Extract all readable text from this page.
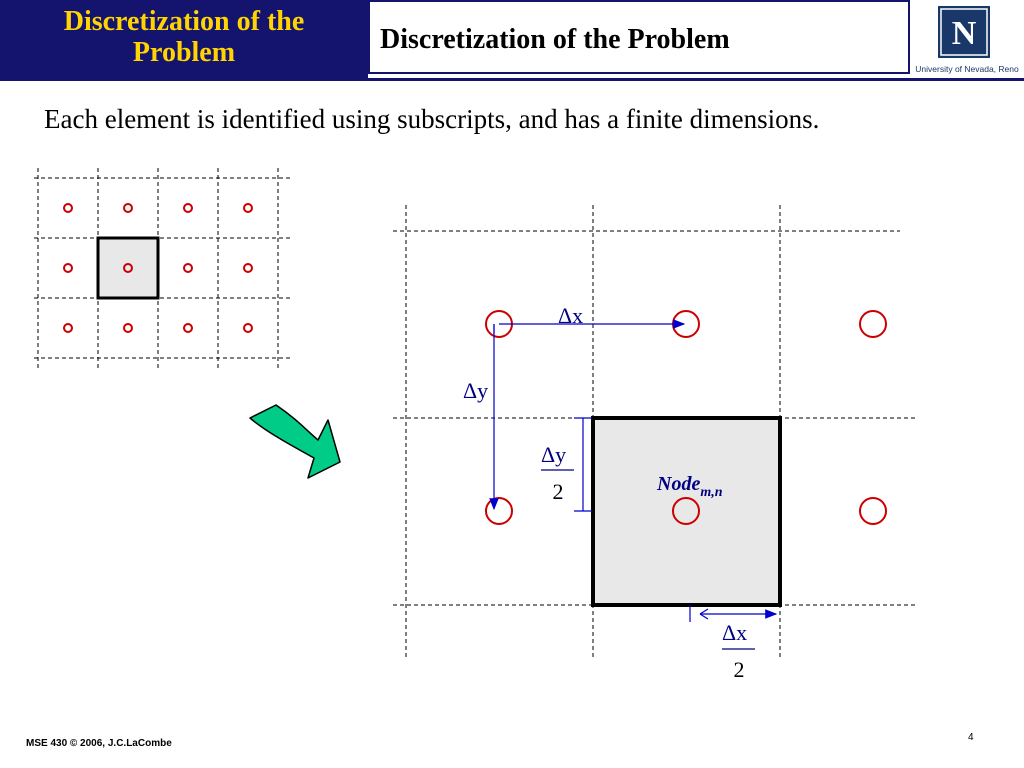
Discretization of the
Problem	Discretization of the Problem	N
University of Nevada, Reno
Each element is identified using subscripts, and has a finite dimensions.
Δx
Δy
Δy
2
Δx
2
Node$_{m,n}$
MSE 430 © 2006, J.C.LaCombe
4
